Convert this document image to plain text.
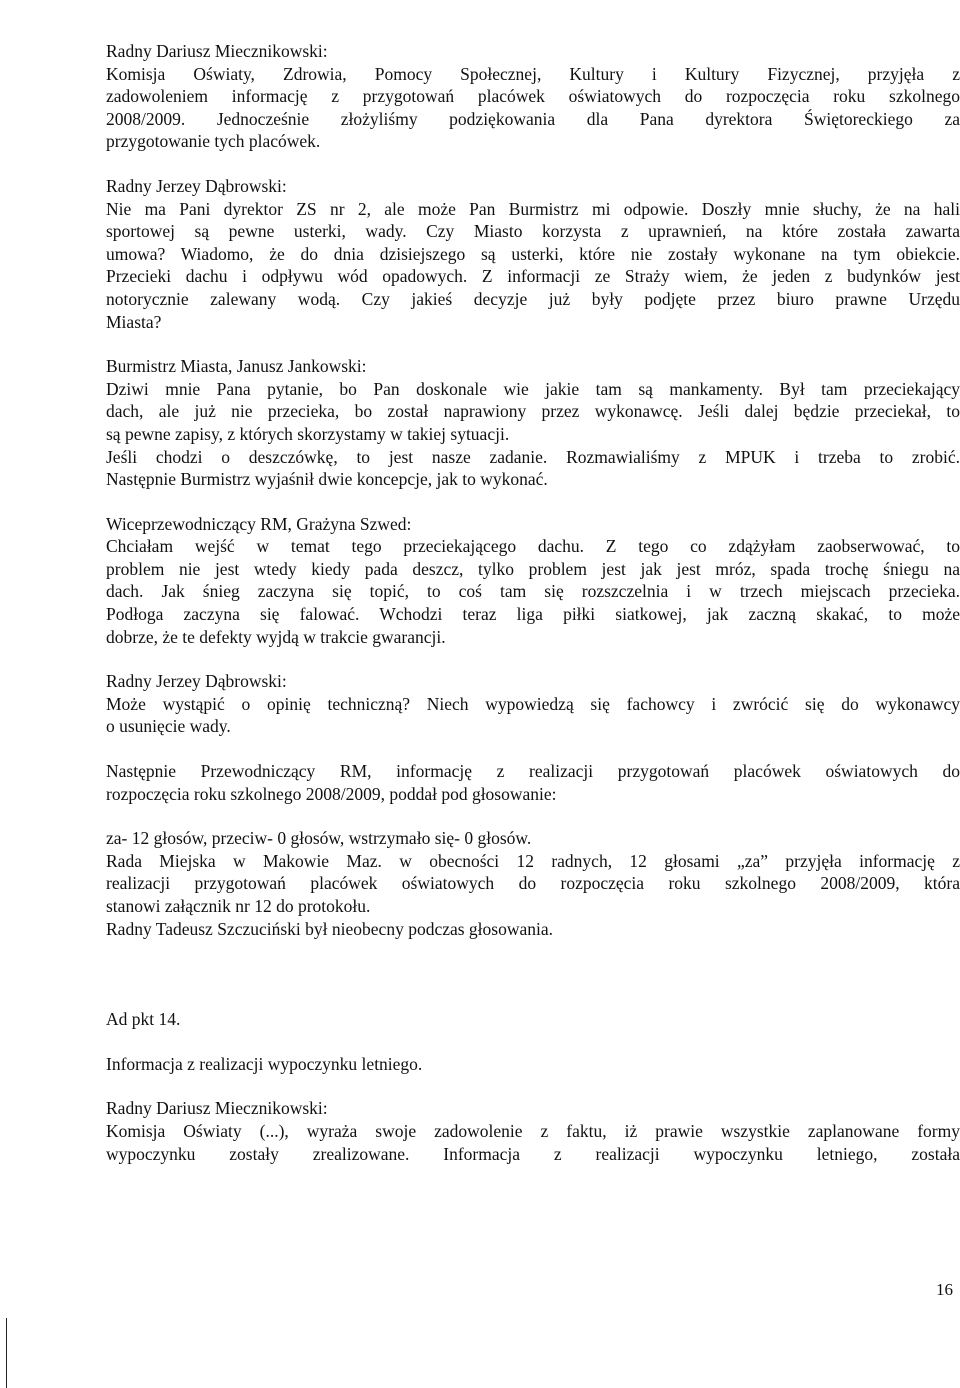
Radny Dariusz Miecznikowski:
Komisja Oświaty, Zdrowia, Pomocy Społecznej, Kultury i Kultury Fizycznej, przyjęła z
zadowoleniem informację z przygotowań placówek oświatowych do rozpoczęcia roku szkolnego
2008/2009. Jednocześnie złożyliśmy podziękowania dla Pana dyrektora Świętoreckiego za
przygotowanie tych placówek.
Radny Jerzey Dąbrowski:
Nie ma Pani dyrektor ZS nr 2, ale może Pan Burmistrz mi odpowie. Doszły mnie słuchy, że na hali
sportowej są pewne usterki, wady. Czy Miasto korzysta z uprawnień, na które została zawarta
umowa? Wiadomo, że do dnia dzisiejszego są usterki, które nie zostały wykonane na tym obiekcie.
Przecieki dachu i odpływu wód opadowych. Z informacji ze Straży wiem, że jeden z budynków jest
notorycznie zalewany wodą. Czy jakieś decyzje już były podjęte przez biuro prawne Urzędu
Miasta?
Burmistrz Miasta, Janusz Jankowski:
Dziwi mnie Pana pytanie, bo Pan doskonale wie jakie tam są mankamenty. Był tam przeciekający
dach, ale już nie przecieka, bo został naprawiony przez wykonawcę. Jeśli dalej będzie przeciekał, to
są pewne zapisy, z których skorzystamy w takiej sytuacji.
Jeśli chodzi o deszczówkę, to jest nasze zadanie. Rozmawialiśmy z MPUK i trzeba to zrobić.
Następnie Burmistrz wyjaśnił dwie koncepcje, jak to wykonać.
Wiceprzewodniczący RM, Grażyna Szwed:
Chciałam wejść w temat tego przeciekającego dachu. Z tego co zdążyłam zaobserwować, to
problem nie jest wtedy kiedy pada deszcz, tylko problem jest jak jest mróz, spada trochę śniegu na
dach. Jak śnieg zaczyna się topić, to coś tam się rozszczelnia i w trzech miejscach przecieka.
Podłoga zaczyna się falować. Wchodzi teraz liga piłki siatkowej, jak zaczną skakać, to może
dobrze, że te defekty wyjdą w trakcie gwarancji.
Radny Jerzey Dąbrowski:
Może wystąpić o opinię techniczną? Niech wypowiedzą się fachowcy i zwrócić się do wykonawcy
o usunięcie wady.
Następnie Przewodniczący RM, informację z realizacji przygotowań placówek oświatowych do
rozpoczęcia roku szkolnego 2008/2009, poddał pod głosowanie:
za- 12 głosów, przeciw- 0 głosów, wstrzymało się- 0 głosów.
Rada Miejska w Makowie Maz. w obecności 12 radnych, 12 głosami „za” przyjęła informację z
realizacji przygotowań placówek oświatowych do rozpoczęcia roku szkolnego 2008/2009, która
stanowi załącznik nr 12 do protokołu.
Radny Tadeusz Szczuciński był nieobecny podczas głosowania.
Ad pkt 14.
Informacja z realizacji wypoczynku letniego.
Radny Dariusz Miecznikowski:
Komisja Oświaty (...), wyraża swoje zadowolenie z faktu, iż prawie wszystkie zaplanowane formy
wypoczynku zostały zrealizowane. Informacja z realizacji wypoczynku letniego, została
16
